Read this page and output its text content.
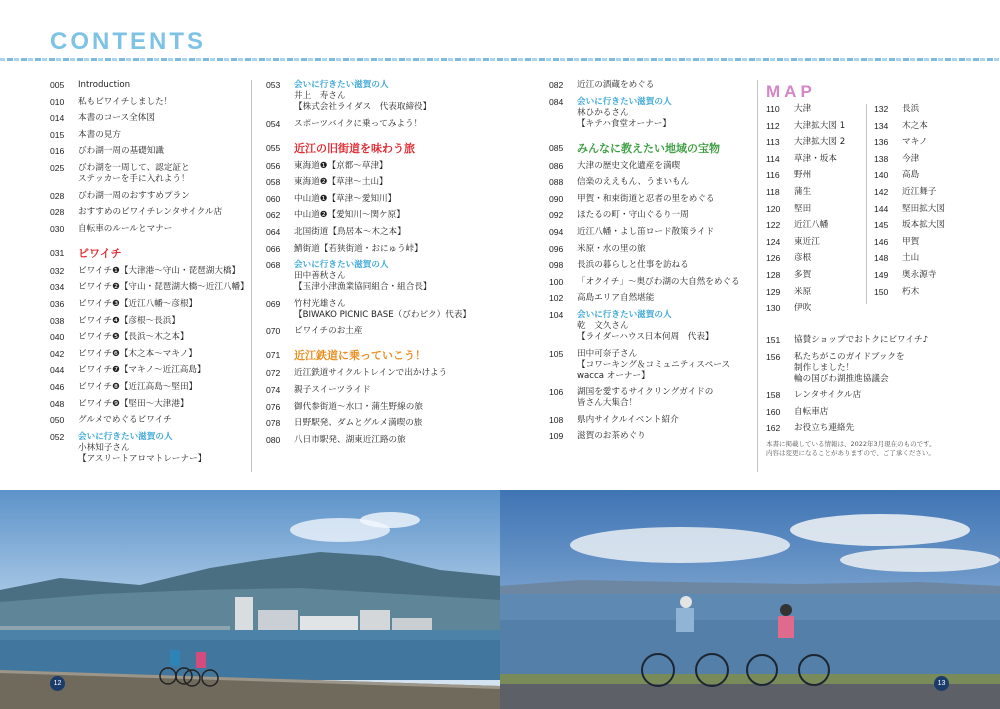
CONTENTS
005	Introduction
010	私もビワイチしました！
014	本書のコース全体図
015	本書の見方
016	びわ湖一周の基礎知識
025	びわ湖を一周して、認定証と
ステッカーを手に入れよう！
028	びわ湖一周のおすすめプラン
028	おすすめのビワイチレンタサイクル店
030	自転車のルールとマナー
031	ビワイチ
032	ビワイチ❶【大津港〜守山・琵琶湖大橋】
034	ビワイチ❷【守山・琵琶湖大橋〜近江八幡】
036	ビワイチ❸【近江八幡〜彦根】
038	ビワイチ❹【彦根〜長浜】
040	ビワイチ❺【長浜〜木之本】
042	ビワイチ❻【木之本〜マキノ】
044	ビワイチ❼【マキノ〜近江高島】
046	ビワイチ❽【近江高島〜堅田】
048	ビワイチ❾【堅田〜大津港】
050	グルメでめぐるビワイチ
052	会いに行きたい滋賀の人
小林知子さん
【アスリートアロマトレーナー】
053	会いに行きたい滋賀の人
井上　寿さん
【株式会社ライダス　代表取締役】
054	スポーツバイクに乗ってみよう！
055	近江の旧街道を味わう旅
056	東海道❶【京都〜草津】
058	東海道❷【草津〜土山】
060	中山道❶【草津〜愛知川】
062	中山道❷【愛知川〜関ケ原】
064	北国街道【鳥居本〜木之本】
066	鯖街道【若狭街道・おにゅう峠】
068	会いに行きたい滋賀の人
田中善秋さん
【玉津小津漁業協同組合・組合長】
069	竹村光雄さん
【BIWAKO PICNIC BASE（びわピク）代表】
070	ビワイチのお土産
071	近江鉄道に乗っていこう！
072	近江鉄道サイクルトレインで出かけよう
074	親子スイーツライド
076	御代参街道〜水口・蒲生野線の旅
078	日野駅発、ダムとグルメ満喫の旅
080	八日市駅発、湖東近江路の旅
082	近江の酒蔵をめぐる
084	会いに行きたい滋賀の人
林ひかるさん
【キテハ食堂オーナー】
085	みんなに教えたい地域の宝物
086	大津の歴史文化遺産を満喫
088	信楽のええもん、うまいもん
090	甲賀・和束街道と忍者の里をめぐる
092	ほたるの町・守山ぐるり一周
094	近江八幡・よし笛ロード散策ライド
096	米原・水の里の旅
098	長浜の暮らしと仕事を訪ねる
100	「オクイチ」〜奥びわ湖の大自然をめぐる
102	高島エリア自然堪能
104	会いに行きたい滋賀の人
乾　文久さん
【ライダーハウス日本何周　代表】
105	田中可奈子さん
【コワーキング＆コミュニティスペース
wacca オーナー】
106	湖国を愛するサイクリングガイドの
皆さん大集合！
108	県内サイクルイベント紹介
109	滋賀のお茶めぐり
MAP
110	大津
112	大津拡大図 1
113	大津拡大図 2
114	草津・坂本
116	野州
118	蒲生
120	堅田
122	近江八幡
124	東近江
126	彦根
128	多賀
129	米原
130	伊吹
132	長浜
134	木之本
136	マキノ
138	今津
140	高島
142	近江舞子
144	堅田拡大図
145	坂本拡大図
146	甲賀
148	土山
149	奥永源寺
150	朽木
151	協賛ショップでおトクにビワイチ♪
156	私たちがこのガイドブックを
制作しました！
輪の国びわ湖推進協議会
158	レンタサイクル店
160	自転車店
162	お役立ち連絡先
本書に掲載している情報は、2022年3月現在のものです。
内容は変更になることがありますので、ご了承ください。
12	13
